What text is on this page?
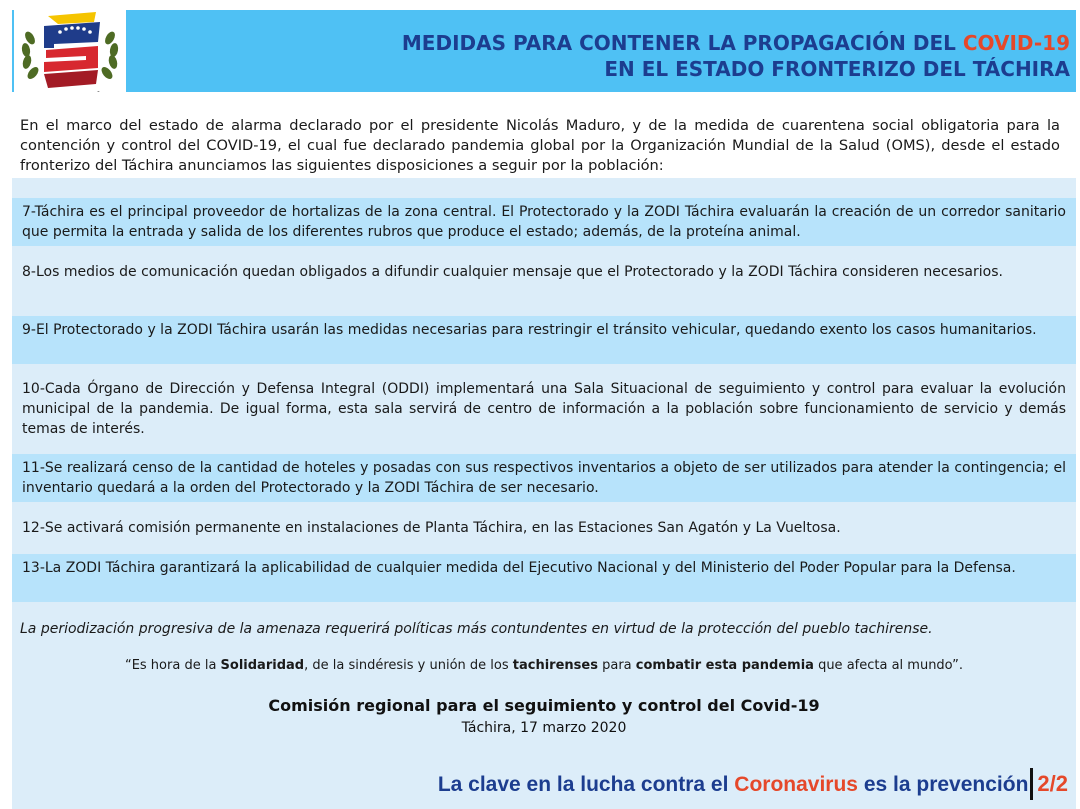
MEDIDAS PARA CONTENER LA PROPAGACIÓN DEL COVID-19
EN EL ESTADO FRONTERIZO DEL TÁCHIRA
En el marco del estado de alarma declarado por el presidente Nicolás Maduro, y de la medida de cuarentena social obligatoria para la contención y control del COVID-19, el cual fue declarado pandemia global por la Organización Mundial de la Salud (OMS), desde el estado fronterizo del Táchira anunciamos las siguientes disposiciones a seguir por la población:
7-Táchira es el principal proveedor de hortalizas de la zona central. El Protectorado y la ZODI Táchira evaluarán la creación de un corredor sanitario que permita la entrada y salida de los diferentes rubros que produce el estado; además, de la proteína animal.
8-Los medios de comunicación quedan obligados a difundir cualquier mensaje que el Protectorado y la ZODI Táchira consideren necesarios.
9-El Protectorado y la ZODI Táchira usarán las medidas necesarias para restringir el tránsito vehicular, quedando exento los casos humanitarios.
10-Cada Órgano de Dirección y Defensa Integral (ODDI) implementará una Sala Situacional de seguimiento y control para evaluar la evolución municipal de la pandemia. De igual forma, esta sala servirá de centro de información a la población sobre funcionamiento de servicio y demás temas de interés.
11-Se realizará censo de la cantidad de hoteles y posadas con sus respectivos inventarios a objeto de ser utilizados para atender la contingencia; el inventario quedará a la orden del Protectorado y la ZODI Táchira de ser necesario.
12-Se activará comisión permanente en instalaciones de Planta Táchira, en las Estaciones San Agatón y La Vueltosa.
13-La ZODI Táchira garantizará la aplicabilidad de cualquier medida del Ejecutivo Nacional y del Ministerio del Poder Popular para la Defensa.
La periodización progresiva de la amenaza requerirá políticas más contundentes en virtud de la protección del pueblo tachirense.
“Es hora de la Solidaridad, de la sindéresis y unión de los tachirenses para combatir esta pandemia que afecta al mundo”.
Comisión regional para el seguimiento y control del Covid-19
Táchira, 17 marzo 2020
La clave en la lucha contra el Coronavirus es la prevención 2/2
